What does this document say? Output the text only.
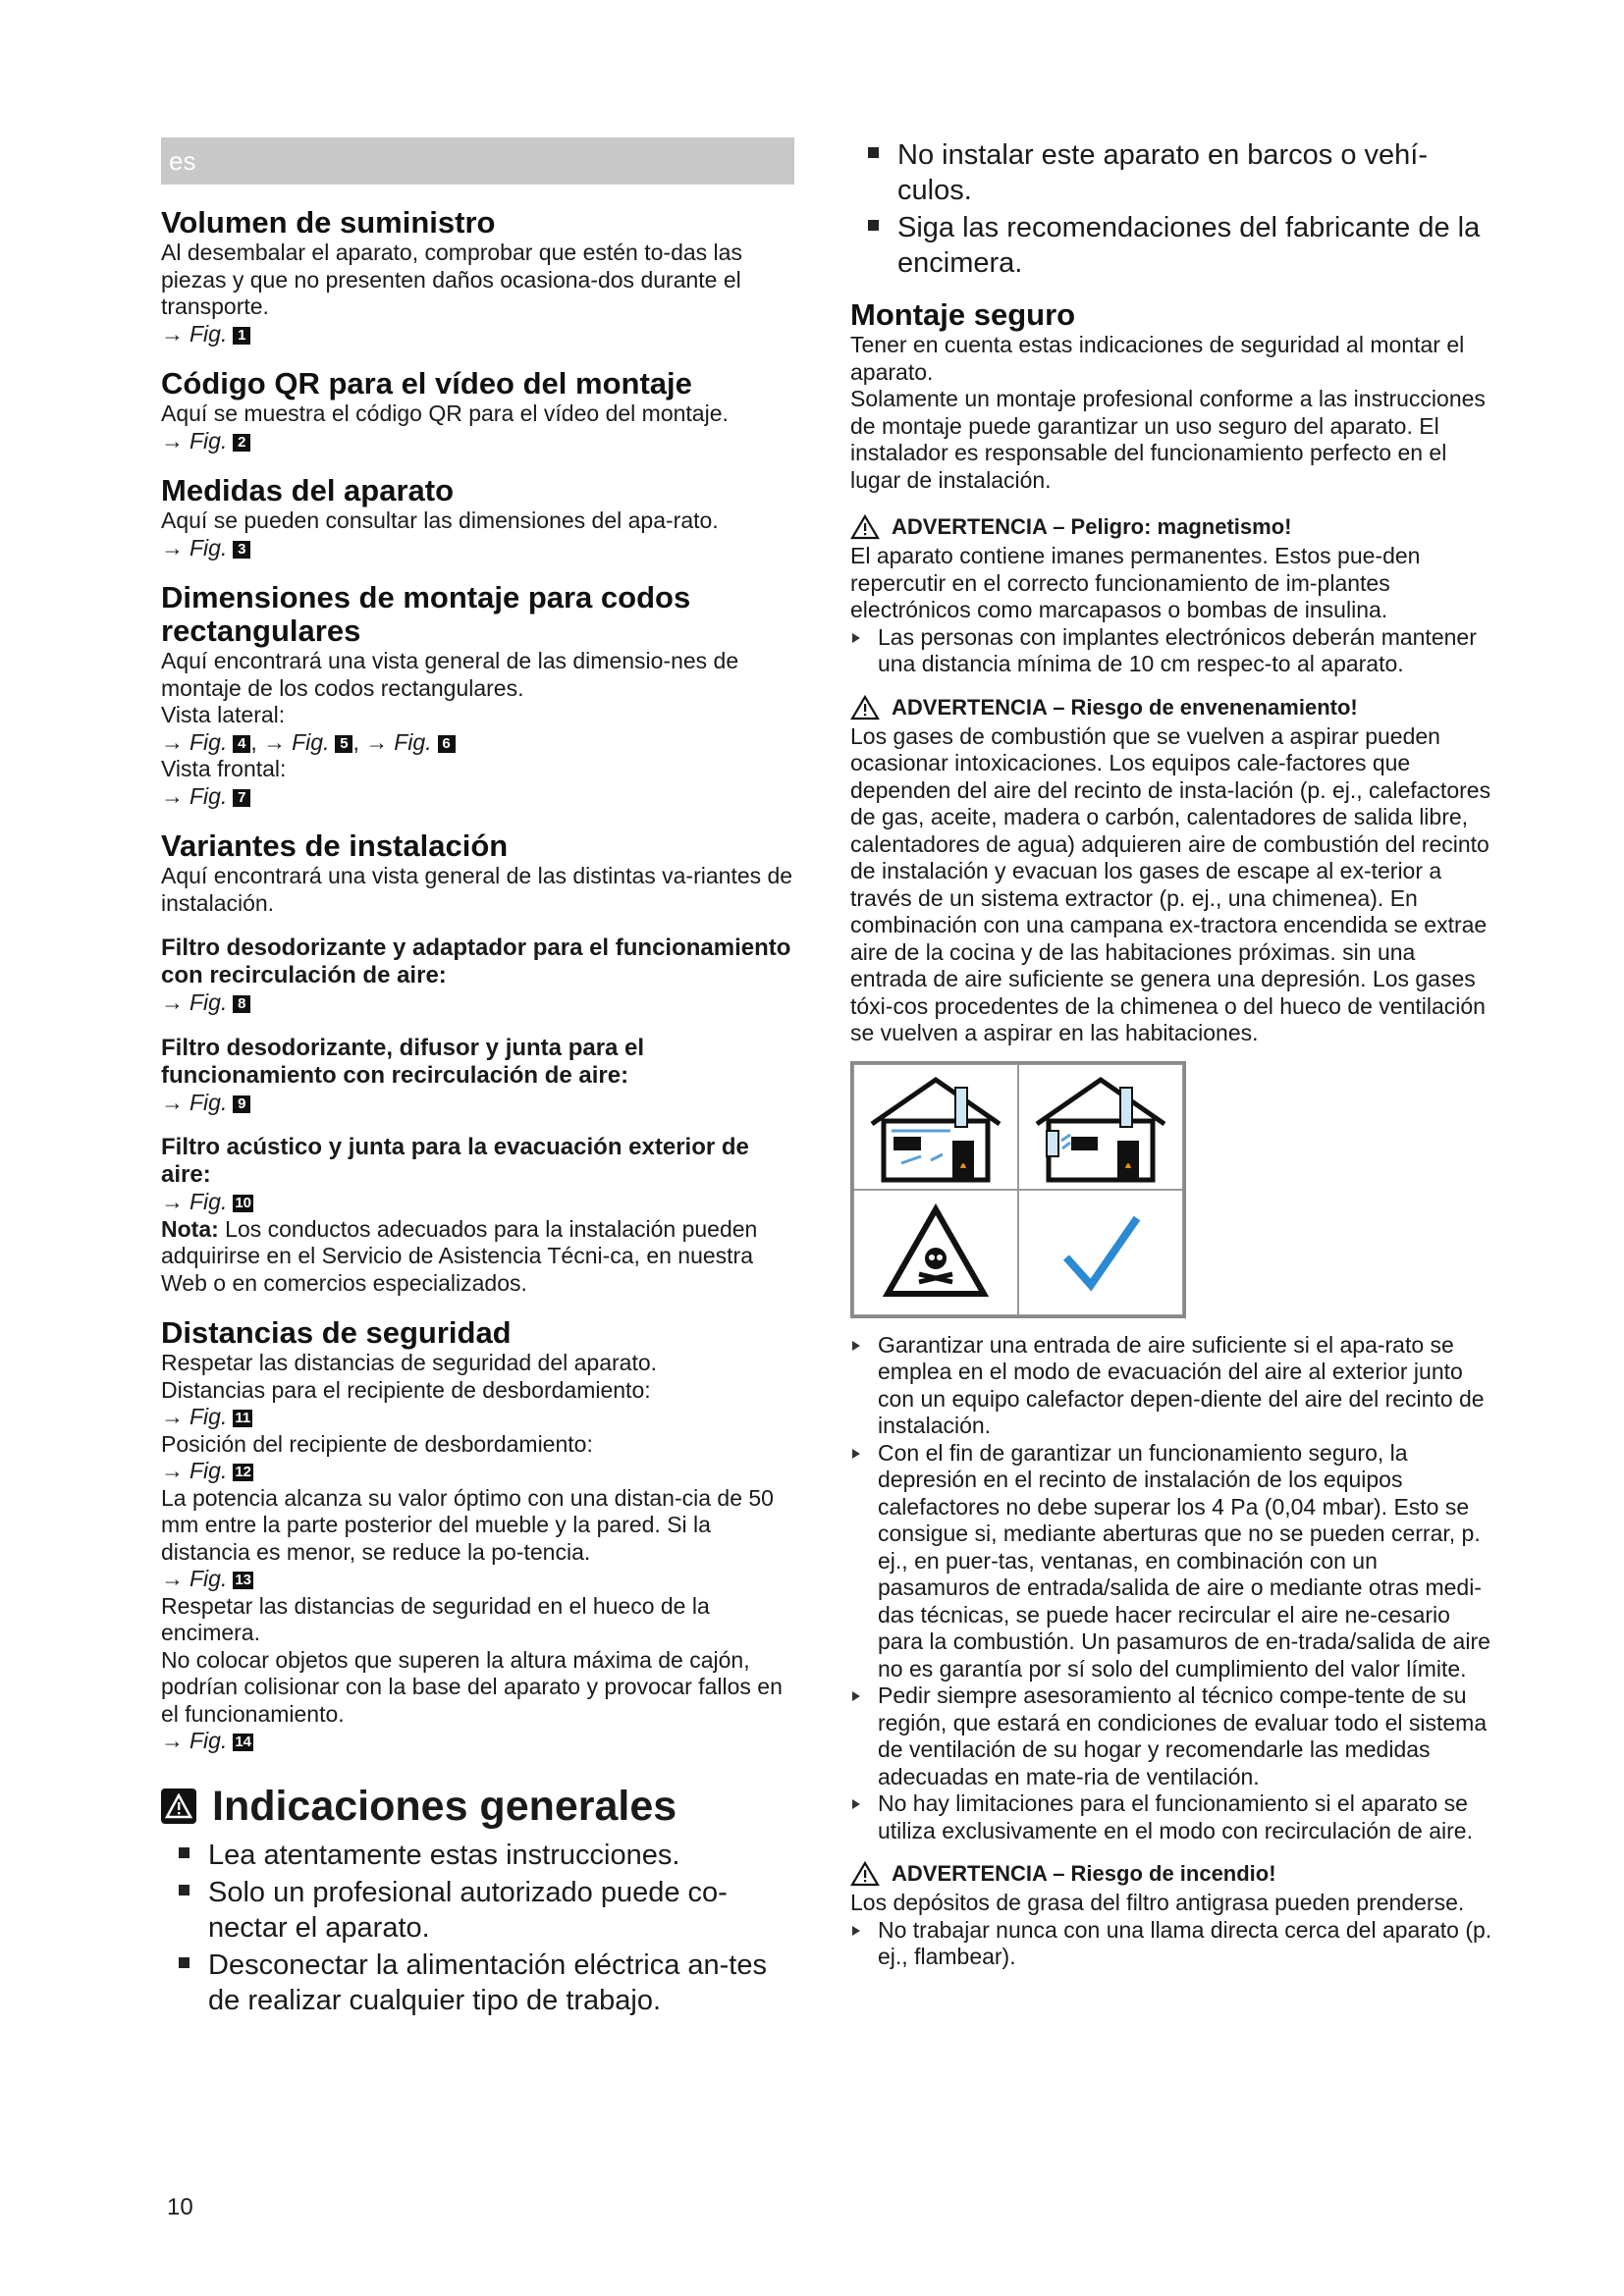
es
Volumen de suministro

Al desembalar el aparato, comprobar que estén to-das las piezas y que no presenten daños ocasiona-dos durante el transporte.

→ Fig. 1
Código QR para el vídeo del montaje

Aquí se muestra el código QR para el vídeo del montaje.

→ Fig. 2
Medidas del aparato

Aquí se pueden consultar las dimensiones del apa-rato.

→ Fig. 3
Dimensiones de montaje para codos rectangulares

Aquí encontrará una vista general de las dimensio-nes de montaje de los codos rectangulares.

Vista lateral:

→ Fig. 4 , → Fig. 5 , → Fig. 6

Vista frontal:

→ Fig. 7
Variantes de instalación

Aquí encontrará una vista general de las distintas va-riantes de instalación.

Filtro desodorizante y adaptador para el funcionamiento con recirculación de aire:
→ Fig. 8
Filtro desodorizante, difusor y junta para el funcionamiento con recirculación de aire:
→ Fig. 9
Filtro acústico y junta para la evacuación exterior de aire:
→ Fig. 10

Nota: Los conductos adecuados para la instalación pueden adquirirse en el Servicio de Asistencia Técni-ca, en nuestra Web o en comercios especializados.

Distancias de seguridad

Respetar las distancias de seguridad del aparato.

Distancias para el recipiente de desbordamiento:

→ Fig. 11

Posición del recipiente de desbordamiento:

→ Fig. 12

La potencia alcanza su valor óptimo con una distan-cia de 50 mm entre la parte posterior del mueble y la pared. Si la distancia es menor, se reduce la po-tencia.

→ Fig. 13

Respetar las distancias de seguridad en el hueco de la encimera.

No colocar objetos que superen la altura máxima de cajón, podrían colisionar con la base del aparato y provocar fallos en el funcionamiento.

→ Fig. 14
Indicaciones generales
Lea atentamente estas instrucciones.
Solo un profesional autorizado puede co-nectar el aparato.
Desconectar la alimentación eléctrica an-tes de realizar cualquier tipo de trabajo.
No instalar este aparato en barcos o vehí-culos.
Siga las recomendaciones del fabricante de la encimera.
Montaje seguro

Tener en cuenta estas indicaciones de seguridad al montar el aparato.

Solamente un montaje profesional conforme a las instrucciones de montaje puede garantizar un uso seguro del aparato. El instalador es responsable del funcionamiento perfecto en el lugar de instalación.

ADVERTENCIA – Peligro: magnetismo!

El aparato contiene imanes permanentes. Estos pue-den repercutir en el correcto funcionamiento de im-plantes electrónicos como marcapasos o bombas de insulina.

Las personas con implantes electrónicos deberán mantener una distancia mínima de 10 cm respec-to al aparato.
ADVERTENCIA – Riesgo de envenenamiento!

Los gases de combustión que se vuelven a aspirar pueden ocasionar intoxicaciones. Los equipos cale-factores que dependen del aire del recinto de insta-lación (p. ej., calefactores de gas, aceite, madera o carbón, calentadores de salida libre, calentadores de agua) adquieren aire de combustión del recinto de instalación y evacuan los gases de escape al ex-terior a través de un sistema extractor (p. ej., una chimenea). En combinación con una campana ex-tractora encendida se extrae aire de la cocina y de las habitaciones próximas. sin una entrada de aire suficiente se genera una depresión. Los gases tóxi-cos procedentes de la chimenea o del hueco de ventilación se vuelven a aspirar en las habitaciones.

Garantizar una entrada de aire suficiente si el apa-rato se emplea en el modo de evacuación del aire al exterior junto con un equipo calefactor depen-diente del aire del recinto de instalación.
Con el fin de garantizar un funcionamiento seguro, la depresión en el recinto de instalación de los equipos calefactores no debe superar los 4 Pa (0,04 mbar). Esto se consigue si, mediante aberturas que no se pueden cerrar, p. ej., en puer-tas, ventanas, en combinación con un pasamuros de entrada/salida de aire o mediante otras medi-das técnicas, se puede hacer recircular el aire ne-cesario para la combustión. Un pasamuros de en-trada/salida de aire no es garantía por sí solo del cumplimiento del valor límite.
Pedir siempre asesoramiento al técnico compe-tente de su región, que estará en condiciones de evaluar todo el sistema de ventilación de su hogar y recomendarle las medidas adecuadas en mate-ria de ventilación.
No hay limitaciones para el funcionamiento si el aparato se utiliza exclusivamente en el modo con recirculación de aire.
ADVERTENCIA – Riesgo de incendio!

Los depósitos de grasa del filtro antigrasa pueden prenderse.

No trabajar nunca con una llama directa cerca del aparato (p. ej., flambear).
10
